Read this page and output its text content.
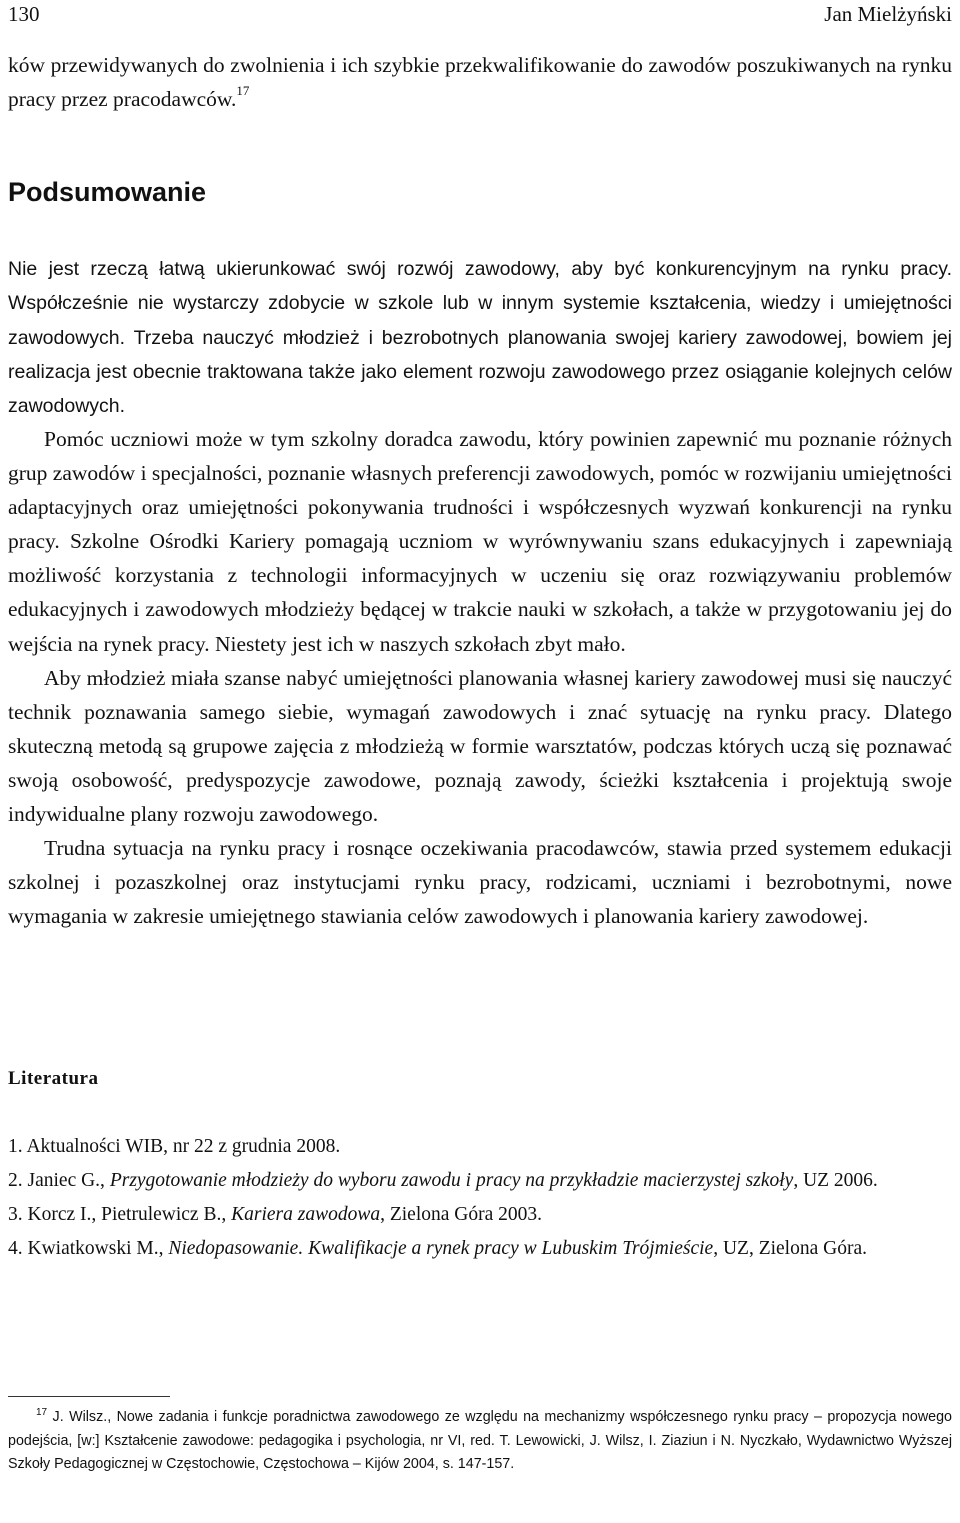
130	Jan Mielżyński

ków przewidywanych do zwolnienia i ich szybkie przekwalifikowanie do zawodów poszukiwanych na rynku pracy przez pracodawców.$^{17}$

Podsumowanie

Nie jest rzeczą łatwą ukierunkować swój rozwój zawodowy, aby być konkurencyjnym na rynku pracy. Współcześnie nie wystarczy zdobycie w szkole lub w innym systemie kształcenia, wiedzy i umiejętności zawodowych. Trzeba nauczyć młodzież i bezrobotnych planowania swojej kariery zawodowej, bowiem jej realizacja jest obecnie traktowana także jako element rozwoju zawodowego przez osiąganie kolejnych celów zawodowych.

Pomóc uczniowi może w tym szkolny doradca zawodu, który powinien zapewnić mu poznanie różnych grup zawodów i specjalności, poznanie własnych preferencji zawodowych, pomóc w rozwijaniu umiejętności adaptacyjnych oraz umiejętności pokonywania trudności i współczesnych wyzwań konkurencji na rynku pracy. Szkolne Ośrodki Kariery pomagają uczniom w wyrównywaniu szans edukacyjnych i zapewniają możliwość korzystania z technologii informacyjnych w uczeniu się oraz rozwiązywaniu problemów edukacyjnych i zawodowych młodzieży będącej w trakcie nauki w szkołach, a także w przygotowaniu jej do wejścia na rynek pracy. Niestety jest ich w naszych szkołach zbyt mało.

Aby młodzież miała szanse nabyć umiejętności planowania własnej kariery zawodowej musi się nauczyć technik poznawania samego siebie, wymagań zawodowych i znać sytuację na rynku pracy. Dlatego skuteczną metodą są grupowe zajęcia z młodzieżą w formie warsztatów, podczas których uczą się poznawać swoją osobowość, predyspozycje zawodowe, poznają zawody, ścieżki kształcenia i projektują swoje indywidualne plany rozwoju zawodowego.

Trudna sytuacja na rynku pracy i rosnące oczekiwania pracodawców, stawia przed systemem edukacji szkolnej i pozaszkolnej oraz instytucjami rynku pracy, rodzicami, uczniami i bezrobotnymi, nowe wymagania w zakresie umiejętnego stawiania celów zawodowych i planowania kariery zawodowej.

Literatura
1. Aktualności WIB, nr 22 z grudnia 2008.
2. Janiec G., Przygotowanie młodzieży do wyboru zawodu i pracy na przykładzie macierzystej szkoły, UZ 2006.
3. Korcz I., Pietrulewicz B., Kariera zawodowa, Zielona Góra 2003.
4. Kwiatkowski M., Niedopasowanie. Kwalifikacje a rynek pracy w Lubuskim Trójmieście, UZ, Zielona Góra.
$^{17}$ J. Wilsz., Nowe zadania i funkcje poradnictwa zawodowego ze względu na mechanizmy współczesnego rynku pracy – propozycja nowego podejścia, [w:] Kształcenie zawodowe: pedagogika i psychologia, nr VI, red. T. Lewowicki, J. Wilsz, I. Ziaziun i N. Nyczkało, Wydawnictwo Wyższej Szkoły Pedagogicznej w Częstochowie, Częstochowa – Kijów 2004, s. 147-157.
